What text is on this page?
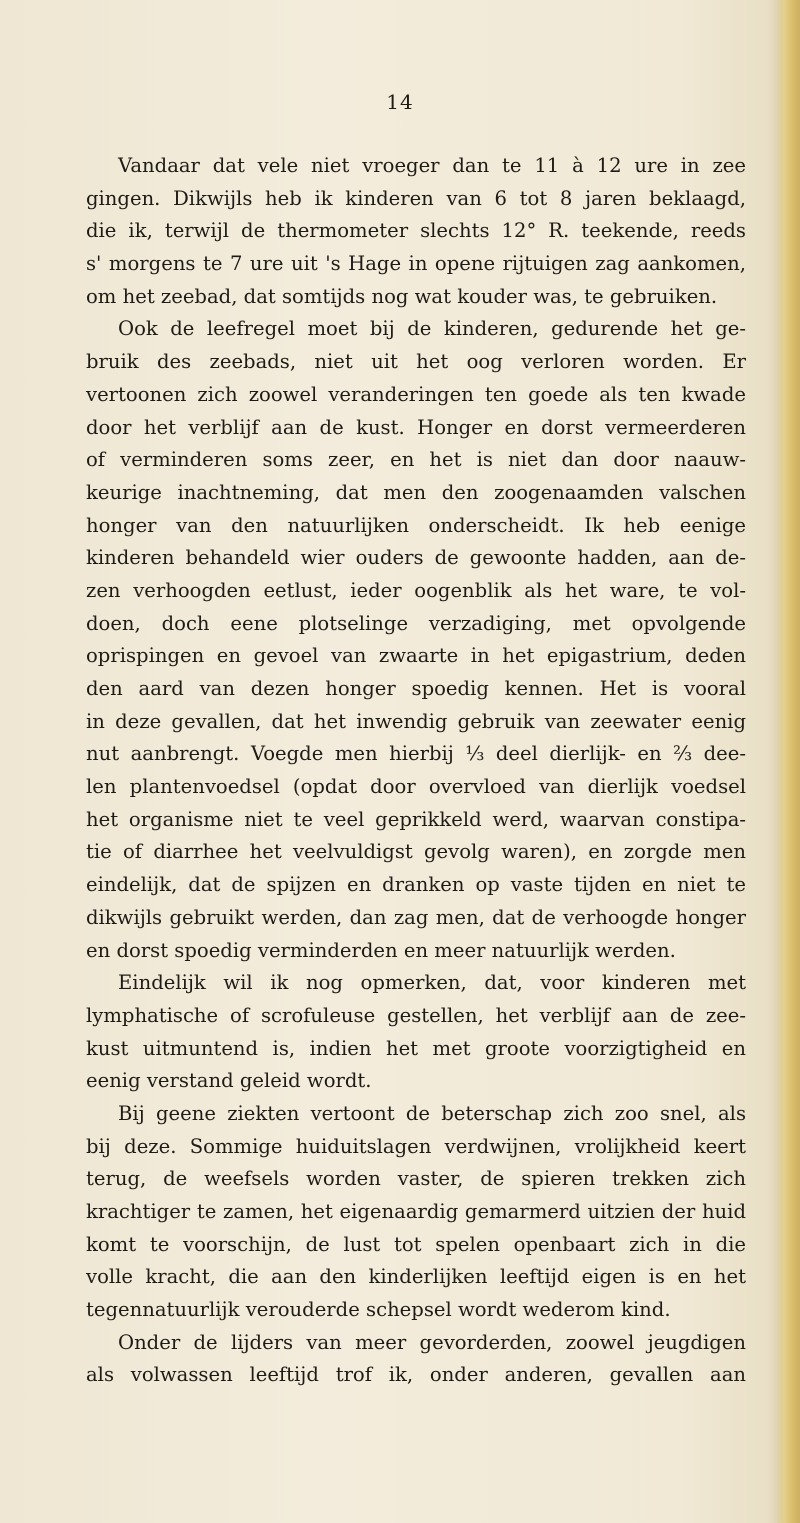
14
Vandaar dat vele niet vroeger dan te 11 à 12 ure in zee
gingen. Dikwijls heb ik kinderen van 6 tot 8 jaren beklaagd,
die ik, terwijl de thermometer slechts 12° R. teekende, reeds
s' morgens te 7 ure uit 's Hage in opene rijtuigen zag aankomen,
om het zeebad, dat somtijds nog wat kouder was, te gebruiken.
Ook de leefregel moet bij de kinderen, gedurende het ge-
bruik des zeebads, niet uit het oog verloren worden. Er
vertoonen zich zoowel veranderingen ten goede als ten kwade
door het verblijf aan de kust. Honger en dorst vermeerderen
of verminderen soms zeer, en het is niet dan door naauw-
keurige inachtneming, dat men den zoogenaamden valschen
honger van den natuurlijken onderscheidt. Ik heb eenige
kinderen behandeld wier ouders de gewoonte hadden, aan de-
zen verhoogden eetlust, ieder oogenblik als het ware, te vol-
doen, doch eene plotselinge verzadiging, met opvolgende
oprispingen en gevoel van zwaarte in het epigastrium, deden
den aard van dezen honger spoedig kennen. Het is vooral
in deze gevallen, dat het inwendig gebruik van zeewater eenig
nut aanbrengt. Voegde men hierbij ⅓ deel dierlijk- en ⅔ dee-
len plantenvoedsel (opdat door overvloed van dierlijk voedsel
het organisme niet te veel geprikkeld werd, waarvan constipa-
tie of diarrhee het veelvuldigst gevolg waren), en zorgde men
eindelijk, dat de spijzen en dranken op vaste tijden en niet te
dikwijls gebruikt werden, dan zag men, dat de verhoogde honger
en dorst spoedig verminderden en meer natuurlijk werden.
Eindelijk wil ik nog opmerken, dat, voor kinderen met
lymphatische of scrofuleuse gestellen, het verblijf aan de zee-
kust uitmuntend is, indien het met groote voorzigtigheid en
eenig verstand geleid wordt.
Bij geene ziekten vertoont de beterschap zich zoo snel, als
bij deze. Sommige huiduitslagen verdwijnen, vrolijkheid keert
terug, de weefsels worden vaster, de spieren trekken zich
krachtiger te zamen, het eigenaardig gemarmerd uitzien der huid
komt te voorschijn, de lust tot spelen openbaart zich in die
volle kracht, die aan den kinderlijken leeftijd eigen is en het
tegennatuurlijk verouderde schepsel wordt wederom kind.
Onder de lijders van meer gevorderden, zoowel jeugdigen
als volwassen leeftijd trof ik, onder anderen, gevallen aan
